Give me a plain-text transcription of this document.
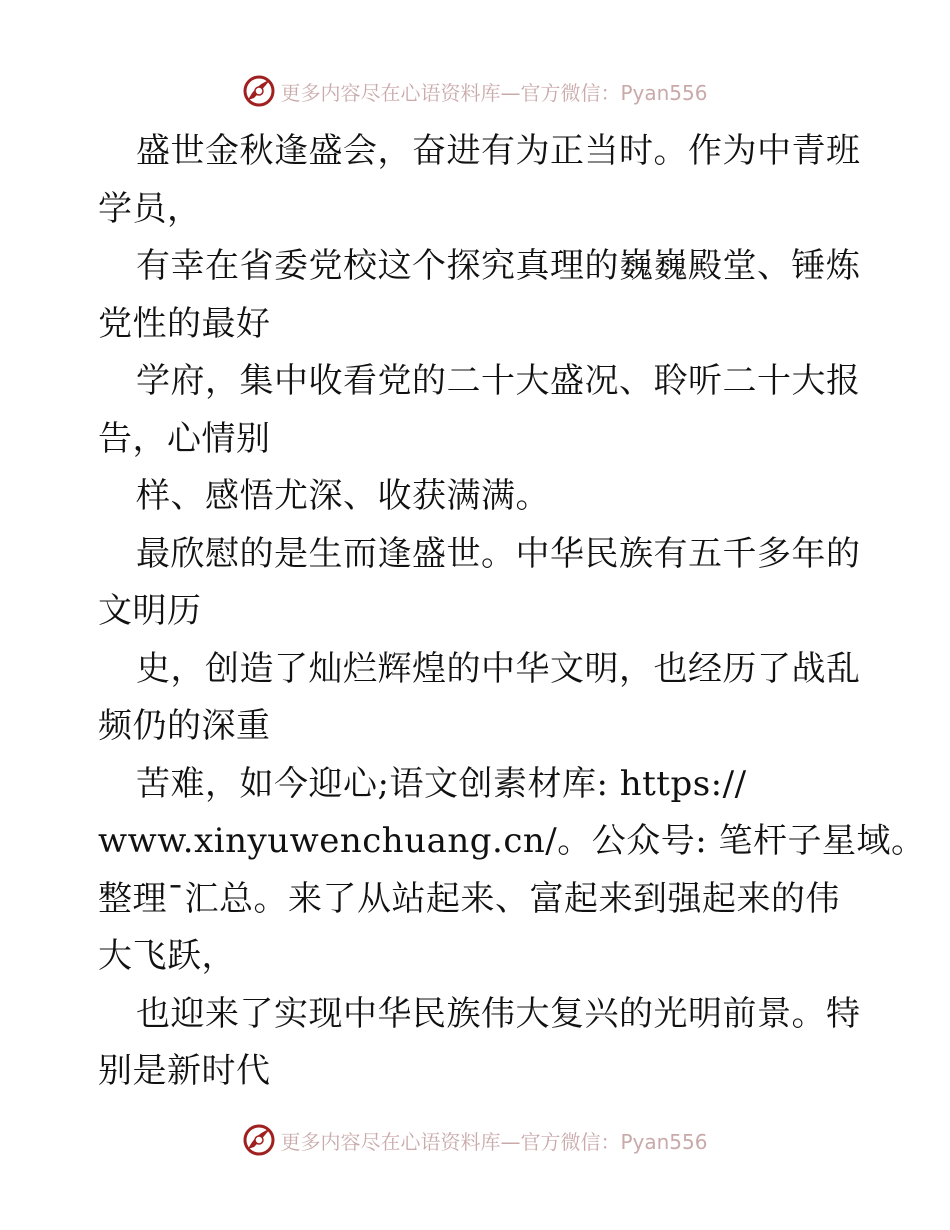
更多内容尽在心语资料库—官方微信：Pyan556
盛世金秋逢盛会，奋进有为正当时。作为中青班
学员，
有幸在省委党校这个探究真理的巍巍殿堂、锤炼
党性的最好
学府，集中收看党的二十大盛况、聆听二十大报
告，心情别
样、感悟尤深、收获满满。
最欣慰的是生而逢盛世。中华民族有五千多年的
文明历
史，创造了灿烂辉煌的中华文明，也经历了战乱
频仍的深重
苦难，如今迎心;语文创素材库: https://
www.xinyuwenchuang.cn/。公众号: 笔杆子星域。
整理¯汇总。来了从站起来、富起来到强起来的伟
大飞跃，
也迎来了实现中华民族伟大复兴的光明前景。特
别是新时代
更多内容尽在心语资料库—官方微信：Pyan556
